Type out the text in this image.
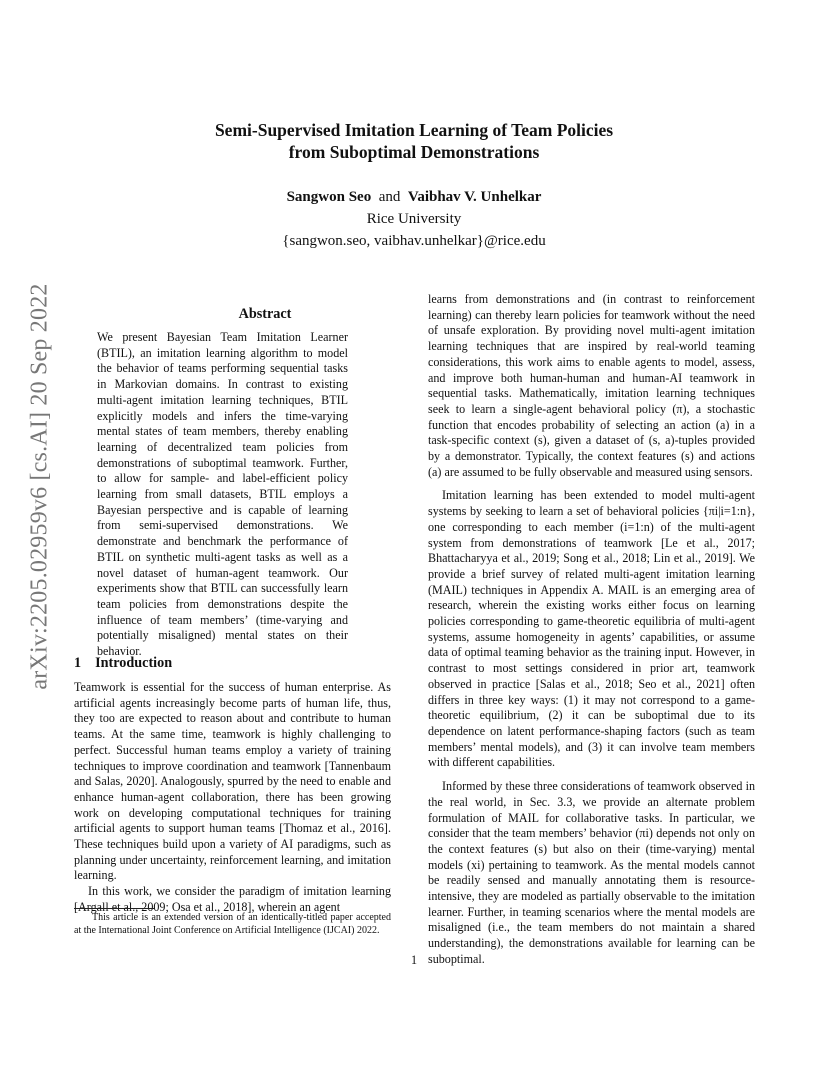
arXiv:2205.02959v6 [cs.AI] 20 Sep 2022
Semi-Supervised Imitation Learning of Team Policies
from Suboptimal Demonstrations
Sangwon Seo and Vaibhav V. Unhelkar
Rice University
{sangwon.seo, vaibhav.unhelkar}@rice.edu
Abstract

We present Bayesian Team Imitation Learner (BTIL), an imitation learning algorithm to model the behavior of teams performing sequential tasks in Markovian domains. In contrast to existing multi-agent imitation learning techniques, BTIL explicitly models and infers the time-varying mental states of team members, thereby enabling learning of decentralized team policies from demonstrations of suboptimal teamwork. Further, to allow for sample- and label-efficient policy learning from small datasets, BTIL employs a Bayesian perspective and is capable of learning from semi-supervised demonstrations. We demonstrate and benchmark the performance of BTIL on synthetic multi-agent tasks as well as a novel dataset of human-agent teamwork. Our experiments show that BTIL can successfully learn team policies from demonstrations despite the influence of team members’ (time-varying and potentially misaligned) mental states on their behavior.

1 Introduction

Teamwork is essential for the success of human enterprise. As artificial agents increasingly become parts of human life, thus, they too are expected to reason about and contribute to human teams. At the same time, teamwork is highly challenging to perfect. Successful human teams employ a variety of training techniques to improve coordination and teamwork [Tannenbaum and Salas, 2020]. Analogously, spurred by the need to enable and enhance human-agent collaboration, there has been growing work on developing computational techniques for training artificial agents to support human teams [Thomaz et al., 2016]. These techniques build upon a variety of AI paradigms, such as planning under uncertainty, reinforcement learning, and imitation learning.

In this work, we consider the paradigm of imitation learning [Argall et al., 2009; Osa et al., 2018], wherein an agent

This article is an extended version of an identically-titled paper accepted at the International Joint Conference on Artificial Intelligence (IJCAI) 2022.

learns from demonstrations and (in contrast to reinforcement learning) can thereby learn policies for teamwork without the need of unsafe exploration. By providing novel multi-agent imitation learning techniques that are inspired by real-world teaming considerations, this work aims to enable agents to model, assess, and improve both human-human and human-AI teamwork in sequential tasks. Mathematically, imitation learning techniques seek to learn a single-agent behavioral policy (π), a stochastic function that encodes probability of selecting an action (a) in a task-specific context (s), given a dataset of (s, a)-tuples provided by a demonstrator. Typically, the context features (s) and actions (a) are assumed to be fully observable and measured using sensors.

Imitation learning has been extended to model multi-agent systems by seeking to learn a set of behavioral policies {πi|i=1:n}, one corresponding to each member (i=1:n) of the multi-agent system from demonstrations of teamwork [Le et al., 2017; Bhattacharyya et al., 2019; Song et al., 2018; Lin et al., 2019]. We provide a brief survey of related multi-agent imitation learning (MAIL) techniques in Appendix A. MAIL is an emerging area of research, wherein the existing works either focus on learning policies corresponding to game-theoretic equilibria of multi-agent systems, assume homogeneity in agents’ capabilities, or assume data of optimal teaming behavior as the training input. However, in contrast to most settings considered in prior art, teamwork observed in practice [Salas et al., 2018; Seo et al., 2021] often differs in three key ways: (1) it may not correspond to a game-theoretic equilibrium, (2) it can be suboptimal due to its dependence on latent performance-shaping factors (such as team members’ mental models), and (3) it can involve team members with different capabilities.

Informed by these three considerations of teamwork observed in the real world, in Sec. 3.3, we provide an alternate problem formulation of MAIL for collaborative tasks. In particular, we consider that the team members’ behavior (πi) depends not only on the context features (s) but also on their (time-varying) mental models (xi) pertaining to teamwork. As the mental models cannot be readily sensed and manually annotating them is resource-intensive, they are modeled as partially observable to the imitation learner. Further, in teaming scenarios where the mental models are misaligned (i.e., the team members do not maintain a shared understanding), the demonstrations available for learning can be suboptimal.

1
